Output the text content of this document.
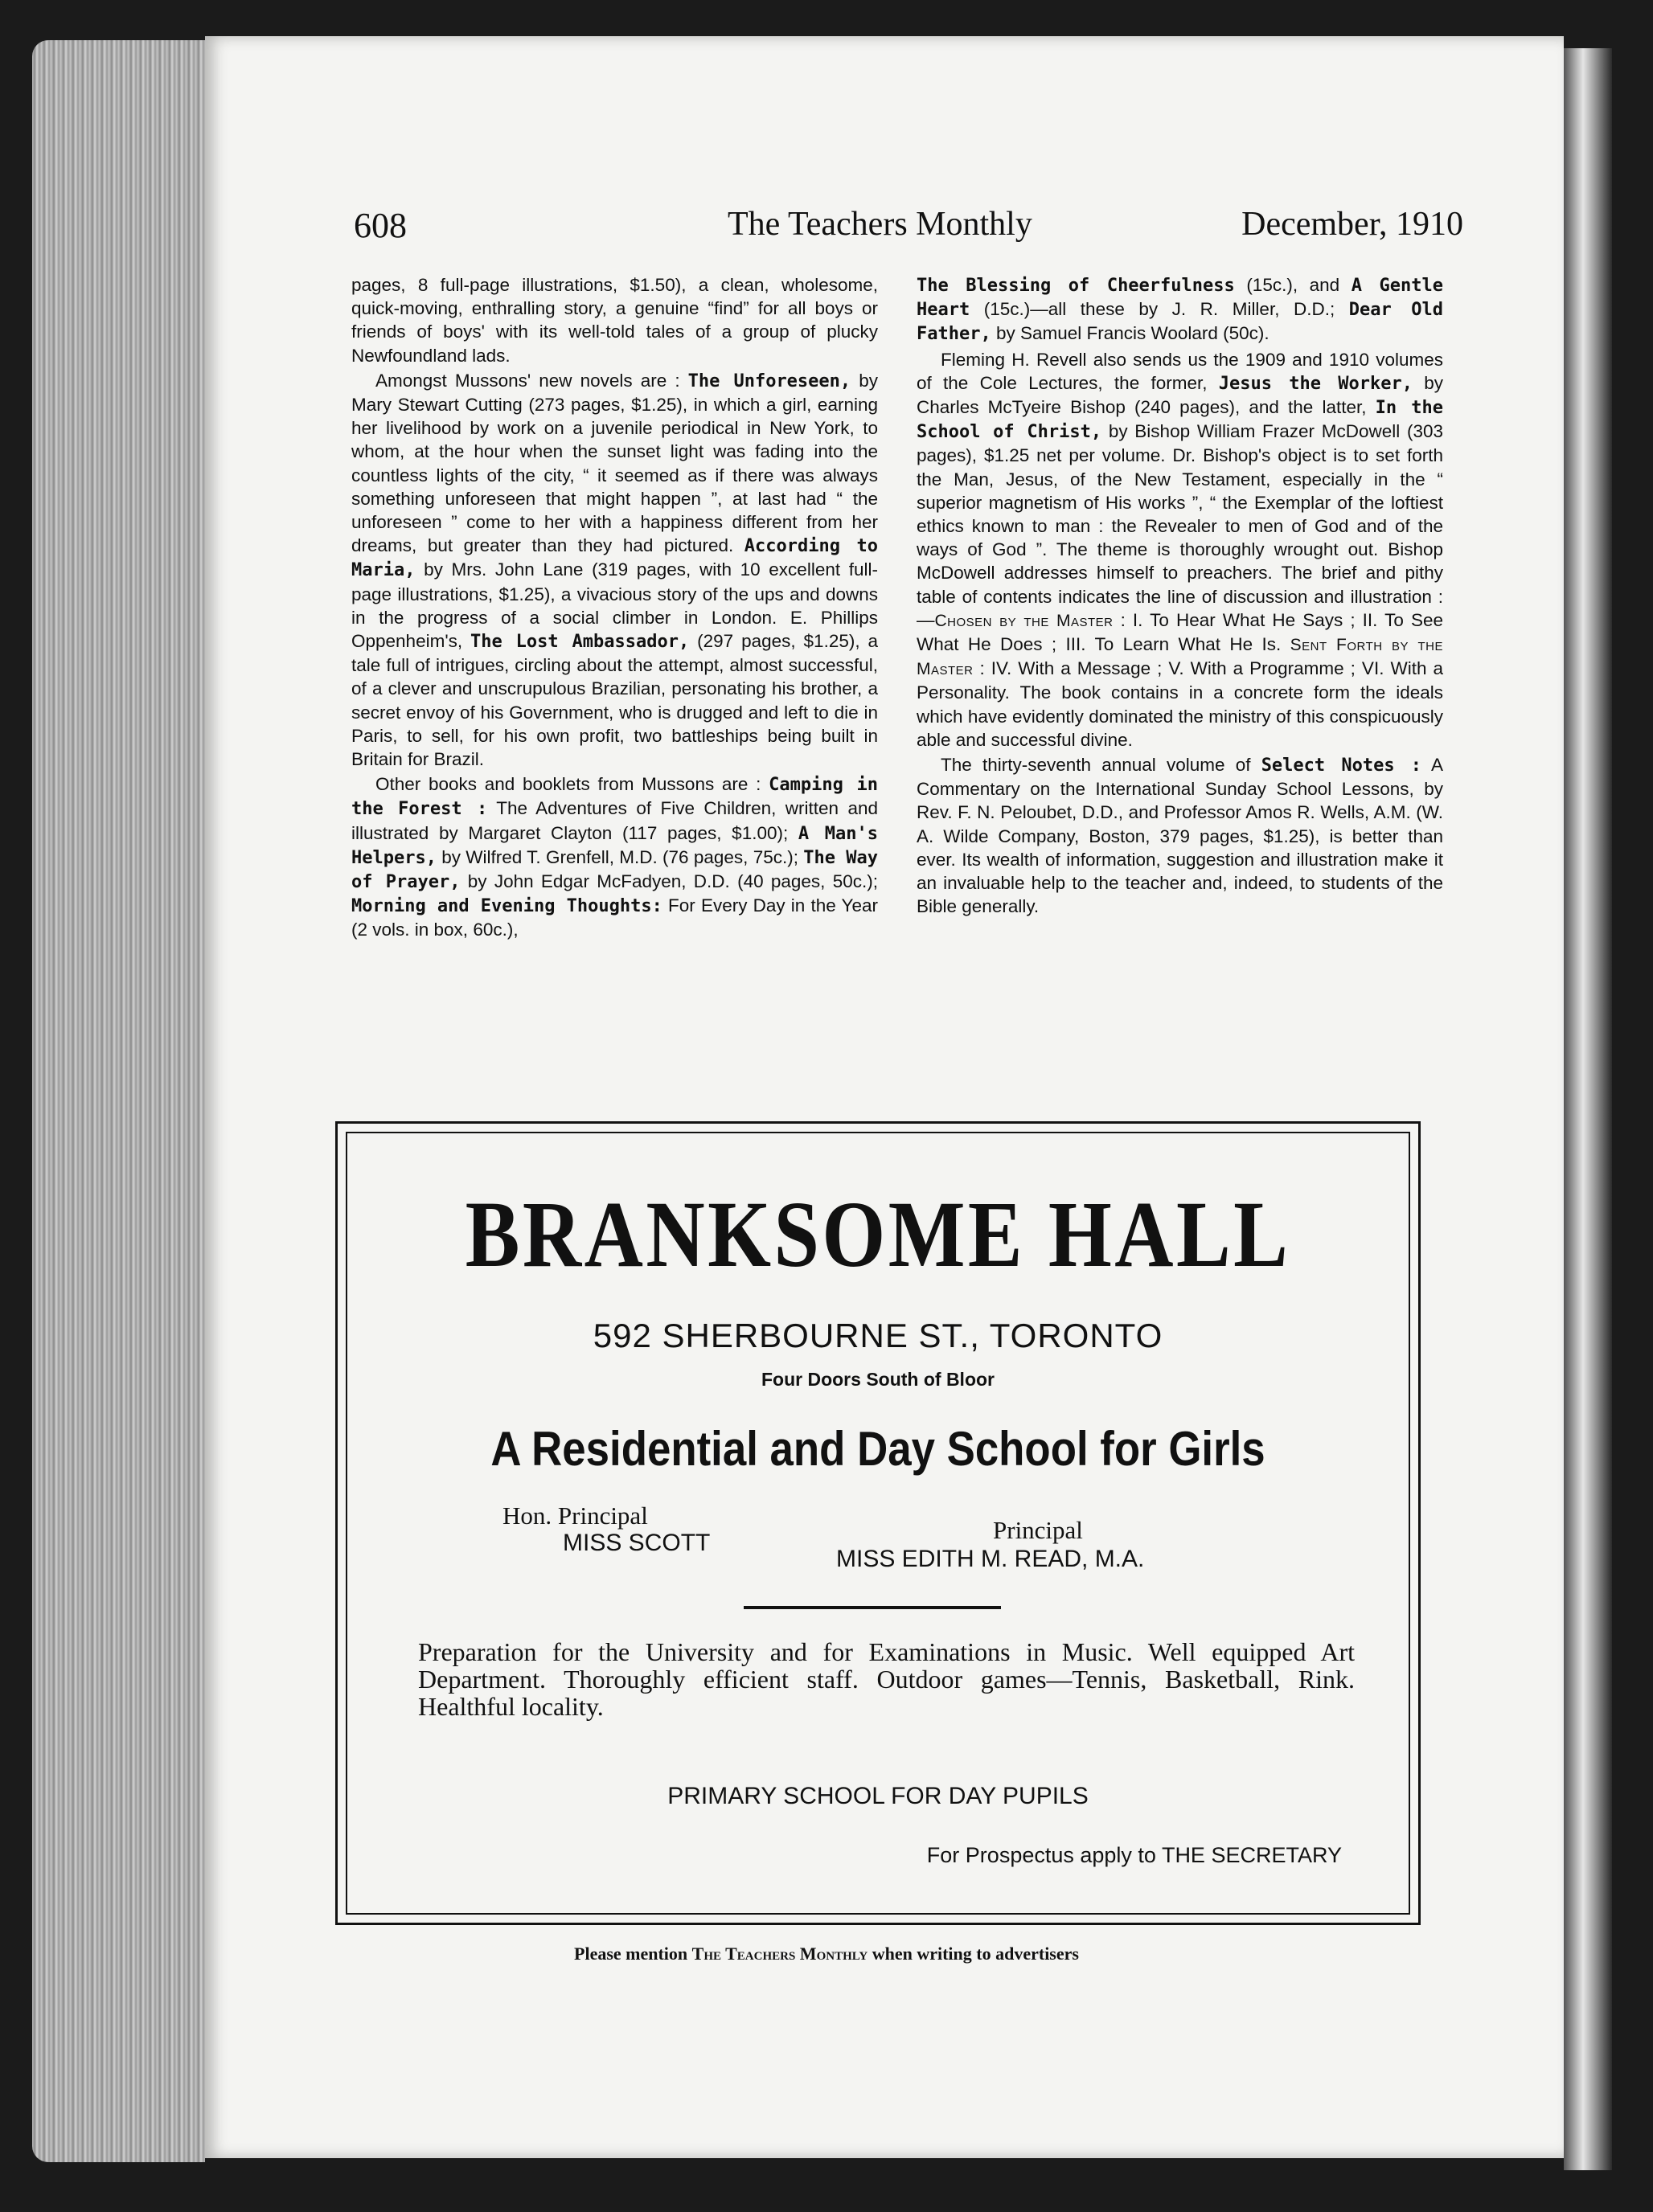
608	The Teachers Monthly	December, 1910

pages, 8 full-page illustrations, $1.50), a clean, wholesome, quick-moving, enthralling story, a genuine “find” for all boys or friends of boys' with its well-told tales of a group of plucky Newfoundland lads.

Amongst Mussons' new novels are : The Unforeseen, by Mary Stewart Cutting (273 pages, $1.25), in which a girl, earning her livelihood by work on a juvenile periodical in New York, to whom, at the hour when the sunset light was fading into the countless lights of the city, “ it seemed as if there was always something unforeseen that might happen ”, at last had “ the unforeseen ” come to her with a happiness different from her dreams, but greater than they had pictured. According to Maria, by Mrs. John Lane (319 pages, with 10 excellent full-page illustrations, $1.25), a vivacious story of the ups and downs in the progress of a social climber in London. E. Phillips Oppenheim's, The Lost Ambassador, (297 pages, $1.25), a tale full of intrigues, circling about the attempt, almost successful, of a clever and unscrupulous Brazilian, personating his brother, a secret envoy of his Government, who is drugged and left to die in Paris, to sell, for his own profit, two battleships being built in Britain for Brazil.

Other books and booklets from Mussons are : Camping in the Forest : The Adventures of Five Children, written and illustrated by Margaret Clayton (117 pages, $1.00); A Man's Helpers, by Wilfred T. Grenfell, M.D. (76 pages, 75c.); The Way of Prayer, by John Edgar McFadyen, D.D. (40 pages, 50c.); Morning and Evening Thoughts: For Every Day in the Year (2 vols. in box, 60c.),

The Blessing of Cheerfulness (15c.), and A Gentle Heart (15c.)—all these by J. R. Miller, D.D.; Dear Old Father, by Samuel Francis Woolard (50c).

Fleming H. Revell also sends us the 1909 and 1910 volumes of the Cole Lectures, the former, Jesus the Worker, by Charles McTyeire Bishop (240 pages), and the latter, In the School of Christ, by Bishop William Frazer McDowell (303 pages), $1.25 net per volume. Dr. Bishop's object is to set forth the Man, Jesus, of the New Testament, especially in the “ superior magnetism of His works ”, “ the Exemplar of the loftiest ethics known to man : the Revealer to men of God and of the ways of God ”. The theme is thoroughly wrought out. Bishop McDowell addresses himself to preachers. The brief and pithy table of contents indicates the line of discussion and illustration :—Chosen by the Master : I. To Hear What He Says ; II. To See What He Does ; III. To Learn What He Is. Sent Forth by the Master : IV. With a Message ; V. With a Programme ; VI. With a Personality. The book contains in a concrete form the ideals which have evidently dominated the ministry of this conspicuously able and successful divine.

The thirty-seventh annual volume of Select Notes : A Commentary on the International Sunday School Lessons, by Rev. F. N. Peloubet, D.D., and Professor Amos R. Wells, A.M. (W. A. Wilde Company, Boston, 379 pages, $1.25), is better than ever. Its wealth of information, suggestion and illustration make it an invaluable help to the teacher and, indeed, to students of the Bible generally.

BRANKSOME HALL
592 SHERBOURNE ST., TORONTO
Four Doors South of Bloor
A Residential and Day School for Girls
Hon. Principal
MISS SCOTT	Principal
MISS EDITH M. READ, M.A.
Preparation for the University and for Examinations in Music. Well equipped Art Department. Thoroughly efficient staff. Outdoor games—Tennis, Basketball, Rink. Healthful locality.
PRIMARY SCHOOL FOR DAY PUPILS
For Prospectus apply to THE SECRETARY
Please mention The Teachers Monthly when writing to advertisers
